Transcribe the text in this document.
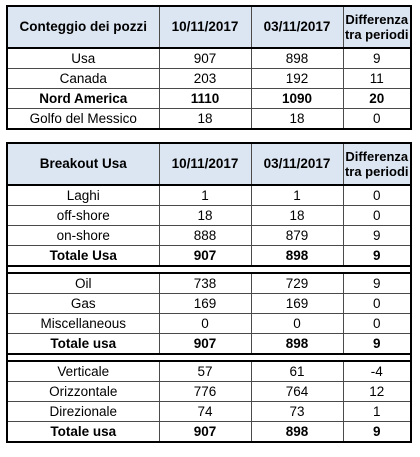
Conteggio dei pozzi	10/11/2017	03/11/2017	Differenza tra periodi
Usa	907	898	9
Canada	203	192	11
Nord America	1110	1090	20
Golfo del Messico	18	18	0
Breakout Usa	10/11/2017	03/11/2017	Differenza tra periodi
Laghi	1	1	0
off-shore	18	18	0
on-shore	888	879	9
Totale Usa	907	898	9

Oil	738	729	9
Gas	169	169	0
Miscellaneous	0	0	0
Totale usa	907	898	9

Verticale	57	61	-4
Orizzontale	776	764	12
Direzionale	74	73	1
Totale usa	907	898	9
